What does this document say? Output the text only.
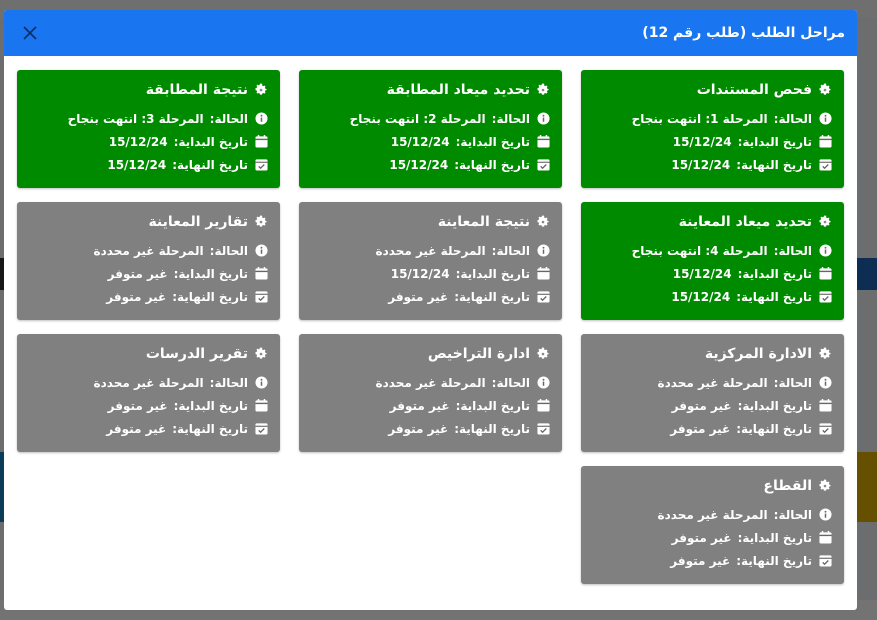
مراحل الطلب (طلب رقم 12)
فحص المستندات
الحالة:
المرحلة 1: انتهت بنجاح
تاريخ البداية:
15/12/24
تاريخ النهاية:
15/12/24
تحديد ميعاد المطابقة
الحالة:
المرحلة 2: انتهت بنجاح
تاريخ البداية:
15/12/24
تاريخ النهاية:
15/12/24
نتيجة المطابقة
الحالة:
المرحلة 3: انتهت بنجاح
تاريخ البداية:
15/12/24
تاريخ النهاية:
15/12/24
تحديد ميعاد المعاينة
الحالة:
المرحلة 4: انتهت بنجاح
تاريخ البداية:
15/12/24
تاريخ النهاية:
15/12/24
نتيجة المعاينة
الحالة:
المرحلة غير محددة
تاريخ البداية:
15/12/24
تاريخ النهاية:
غير متوفر
تقارير المعاينة
الحالة:
المرحلة غير محددة
تاريخ البداية:
غير متوفر
تاريخ النهاية:
غير متوفر
الادارة المركزية
الحالة:
المرحلة غير محددة
تاريخ البداية:
غير متوفر
تاريخ النهاية:
غير متوفر
ادارة التراخيص
الحالة:
المرحلة غير محددة
تاريخ البداية:
غير متوفر
تاريخ النهاية:
غير متوفر
تقرير الدرسات
الحالة:
المرحلة غير محددة
تاريخ البداية:
غير متوفر
تاريخ النهاية:
غير متوفر
القطاع
الحالة:
المرحلة غير محددة
تاريخ البداية:
غير متوفر
تاريخ النهاية:
غير متوفر
